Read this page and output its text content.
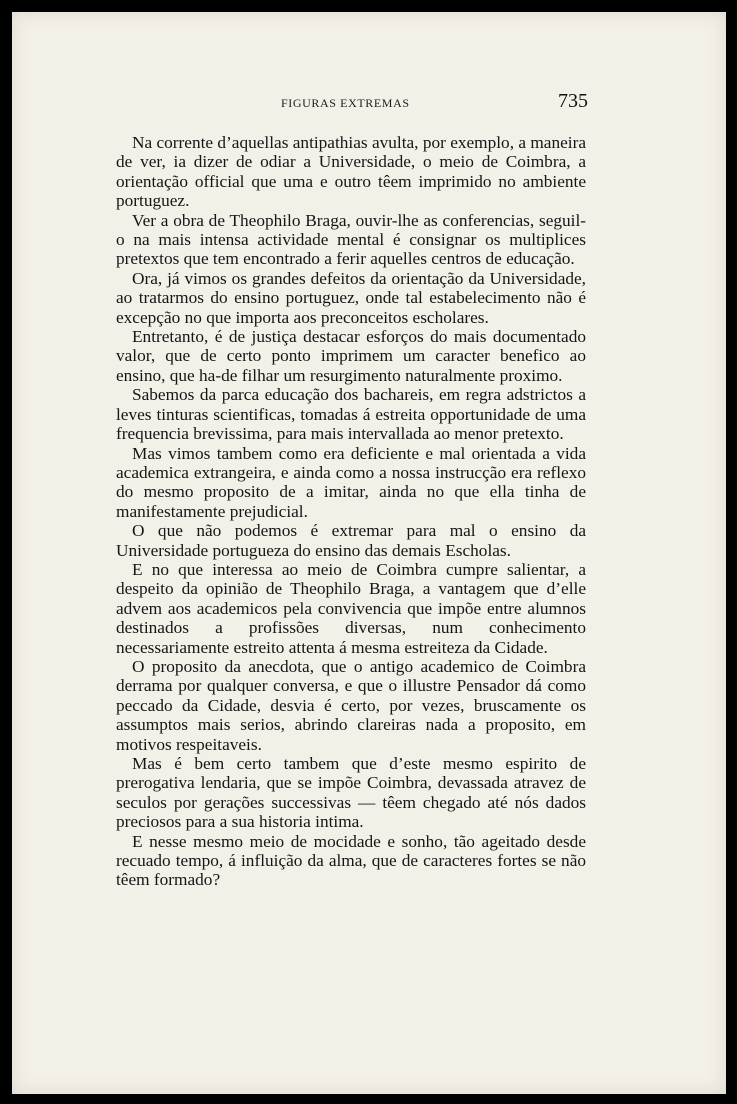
FIGURAS EXTREMAS	735

Na corrente d’aquellas antipathias avulta, por exemplo, a maneira de ver, ia dizer de odiar a Universidade, o meio de Coimbra, a orientação official que uma e outro têem imprimido no ambiente portuguez.

Ver a obra de Theophilo Braga, ouvir-lhe as conferencias, seguil-o na mais intensa actividade mental é consignar os multiplices pretextos que tem encontrado a ferir aquelles centros de educação.

Ora, já vimos os grandes defeitos da orientação da Universidade, ao tratarmos do ensino portuguez, onde tal estabelecimento não é excepção no que importa aos preconceitos escholares.

Entretanto, é de justiça destacar esforços do mais documentado valor, que de certo ponto imprimem um caracter benefico ao ensino, que ha-de filhar um resurgimento naturalmente proximo.

Sabemos da parca educação dos bachareis, em regra adstrictos a leves tinturas scientificas, tomadas á estreita opportunidade de uma frequencia brevissima, para mais intervallada ao menor pretexto.

Mas vimos tambem como era deficiente e mal orientada a vida academica extrangeira, e ainda como a nossa instrucção era reflexo do mesmo proposito de a imitar, ainda no que ella tinha de manifestamente prejudicial.

O que não podemos é extremar para mal o ensino da Universidade portugueza do ensino das demais Escholas.

E no que interessa ao meio de Coimbra cumpre salientar, a despeito da opinião de Theophilo Braga, a vantagem que d’elle advem aos academicos pela convivencia que impõe entre alumnos destinados a profissões diversas, num conhecimento necessariamente estreito attenta á mesma estreiteza da Cidade.

O proposito da anecdota, que o antigo academico de Coimbra derrama por qualquer conversa, e que o illustre Pensador dá como peccado da Cidade, desvia é certo, por vezes, bruscamente os assumptos mais serios, abrindo clareiras nada a proposito, em motivos respeitaveis.

Mas é bem certo tambem que d’este mesmo espirito de prerogativa lendaria, que se impõe Coimbra, devassada atravez de seculos por gerações successivas — têem chegado até nós dados preciosos para a sua historia intima.

E nesse mesmo meio de mocidade e sonho, tão ageitado desde recuado tempo, á influição da alma, que de caracteres fortes se não têem formado?
